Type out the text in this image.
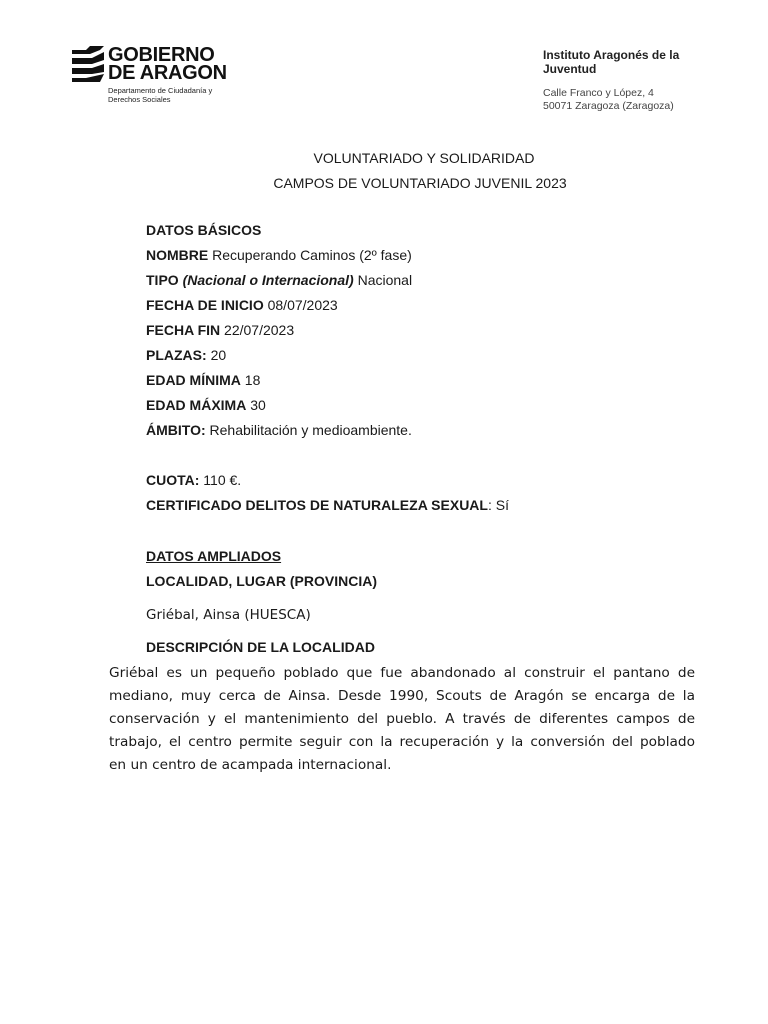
GOBIERNO
DE ARAGON
Departamento de Ciudadanía y
Derechos Sociales
Instituto Aragonés de la
Juventud
Calle Franco y López, 4
50071 Zaragoza (Zaragoza)
VOLUNTARIADO Y SOLIDARIDAD
CAMPOS DE VOLUNTARIADO JUVENIL 2023
DATOS BÁSICOS
NOMBRE Recuperando Caminos (2º fase)
TIPO (Nacional o Internacional) Nacional
FECHA DE INICIO 08/07/2023
FECHA FIN 22/07/2023
PLAZAS: 20
EDAD MÍNIMA 18
EDAD MÁXIMA 30
ÁMBITO: Rehabilitación y medioambiente.
CUOTA: 110 €.
CERTIFICADO DELITOS DE NATURALEZA SEXUAL: Sí
DATOS AMPLIADOS
LOCALIDAD, LUGAR (PROVINCIA)
Griébal, Ainsa (HUESCA)
DESCRIPCIÓN DE LA LOCALIDAD
Griébal es un pequeño poblado que fue abandonado al construir el pantano de
mediano, muy cerca de Ainsa. Desde 1990, Scouts de Aragón se encarga de la
conservación y el mantenimiento del pueblo. A través de diferentes campos de
trabajo, el centro permite seguir con la recuperación y la conversión del poblado
en un centro de acampada internacional.
